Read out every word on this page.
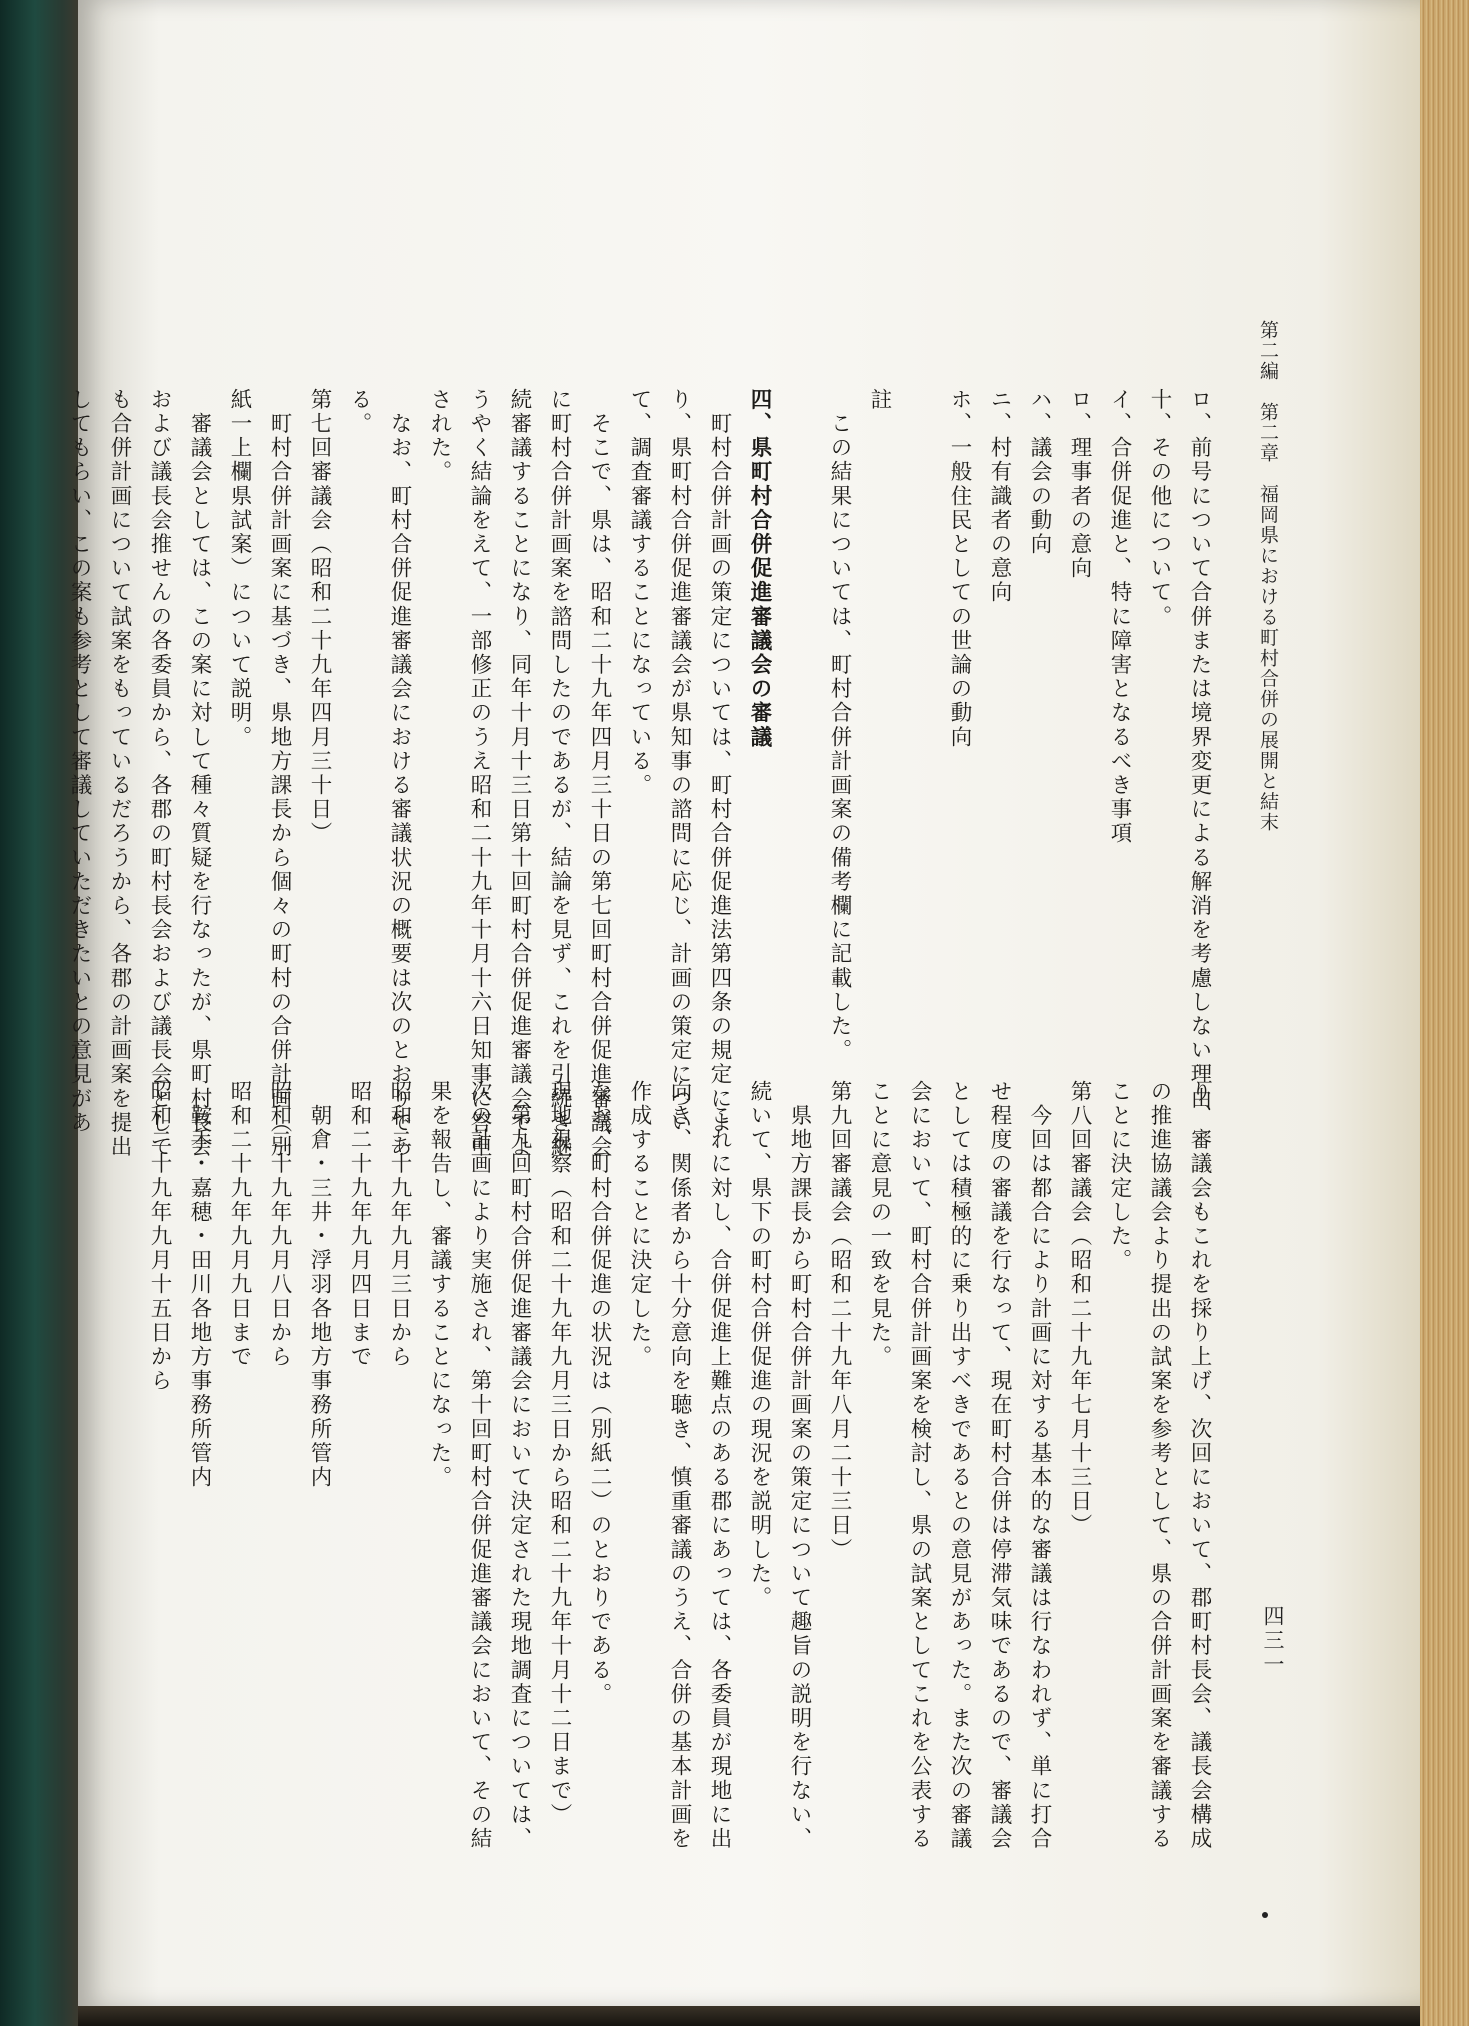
第二編　第二章　福岡県における町村合併の展開と結末
四三一
ロ、前号について合併または境界変更による解消を考慮しない理由
十、その他について。
イ、合併促進と、特に障害となるべき事項
ロ、理事者の意向
ハ、議会の動向
ニ、村有識者の意向
ホ、一般住民としての世論の動向

註
　この結果については、町村合併計画案の備考欄に記載した。

四、県町村合併促進審議会の審議
　町村合併計画の策定については、町村合併促進法第四条の規定によ
り、県町村合併促進審議会が県知事の諮問に応じ、計画の策定につい
て、調査審議することになっている。
　そこで、県は、昭和二十九年四月三十日の第七回町村合併促進審議会
に町村合併計画案を諮問したのであるが、結論を見ず、これを引続き継
続審議することになり、同年十月十三日第十回町村合併促進審議会でよ
うやく結論をえて、一部修正のうえ昭和二十九年十月十六日知事に答申
された。
　なお、町村合併促進審議会における審議状況の概要は次のとおりであ
る。
第七回審議会（昭和二十九年四月三十日）
　町村合併計画案に基づき、県地方課長から個々の町村の合併計画（別
紙一上欄県試案）について説明。
　審議会としては、この案に対して種々質疑を行なったが、県町村長会
および議長会推せんの各委員から、各郡の町村長会および議長会として
も合併計画について試案をもっているだろうから、各郡の計画案を提出
してもらい、この案も参考として審議していただきたいとの意見があ
り、審議会もこれを採り上げ、次回において、郡町村長会、議長会構成
の推進協議会より提出の試案を参考として、県の合併計画案を審議する
ことに決定した。
第八回審議会（昭和二十九年七月十三日）
　今回は都合により計画に対する基本的な審議は行なわれず、単に打合
せ程度の審議を行なって、現在町村合併は停滞気味であるので、審議会
としては積極的に乗り出すべきであるとの意見があった。また次の審議
会において、町村合併計画案を検討し、県の試案としてこれを公表する
ことに意見の一致を見た。
第九回審議会（昭和二十九年八月二十三日）
　県地方課長から町村合併計画案の策定について趣旨の説明を行ない、
続いて、県下の町村合併促進の現況を説明した。
　これに対し、合併促進上難点のある郡にあっては、各委員が現地に出
向き、関係者から十分意向を聴き、慎重審議のうえ、合併の基本計画を
作成することに決定した。
なお、町村合併促進の状況は（別紙二）のとおりである。
現地視察（昭和二十九年九月三日から昭和二十九年十月十二日まで）
　第九回町村合併促進審議会において決定された現地調査については、
次の計画により実施され、第十回町村合併促進審議会において、その結
果を報告し、審議することになった。
昭和二十九年九月三日から
昭和二十九年九月四日まで
　朝倉・三井・浮羽各地方事務所管内
昭和二十九年九月八日から
昭和二十九年九月九日まで
　鞍手・嘉穂・田川各地方事務所管内
昭和二十九年九月十五日から
